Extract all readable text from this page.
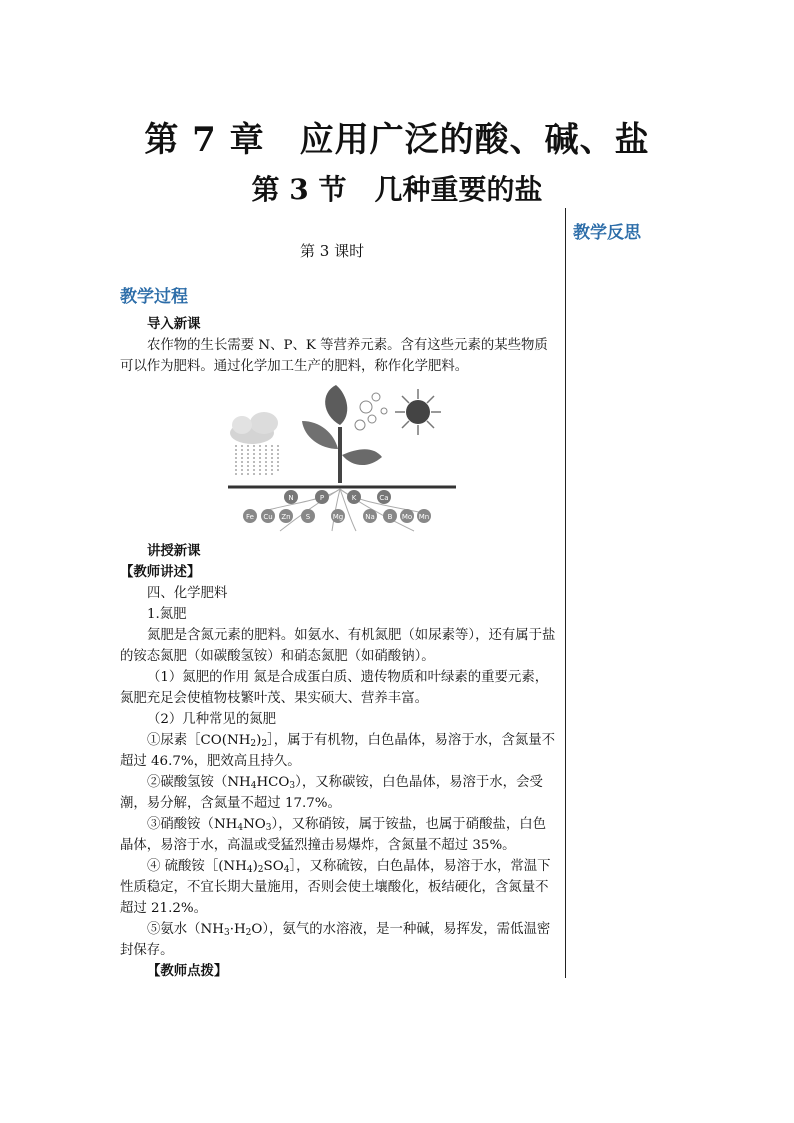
第 7 章　应用广泛的酸、碱、盐
第 3 节　几种重要的盐
教学反思
第 3 课时
教学过程

导入新课

农作物的生长需要 N、P、K 等营养元素。含有这些元素的某些物质可以作为肥料。通过化学加工生产的肥料，称作化学肥料。

N	P	K	Ca
Fe Cu Zn S	Mg	Na B Mo Mn

讲授新课

【教师讲述】

四、化学肥料

1.氮肥

氮肥是含氮元素的肥料。如氨水、有机氮肥（如尿素等），还有属于盐的铵态氮肥（如碳酸氢铵）和硝态氮肥（如硝酸钠）。

（1）氮肥的作用 氮是合成蛋白质、遗传物质和叶绿素的重要元素，氮肥充足会使植物枝繁叶茂、果实硕大、营养丰富。

（2）几种常见的氮肥

①尿素$[CO(NH_2)_2]$，属于有机物，白色晶体，易溶于水，含氮量不超过 46.7%，肥效高且持久。

②碳酸氢铵$(NH_4HCO_3)$，又称碳铵，白色晶体，易溶于水，会受潮，易分解，含氮量不超过 17.7%。

③硝酸铵$(NH_4NO_3)$，又称硝铵，属于铵盐，也属于硝酸盐，白色晶体，易溶于水，高温或受猛烈撞击易爆炸，含氮量不超过 35%。

④ 硫酸铵$[(NH_4)_2SO_4]$，又称硫铵，白色晶体，易溶于水，常温下性质稳定，不宜长期大量施用，否则会使土壤酸化，板结硬化，含氮量不超过 21.2%。

⑤氨水$(NH_3\cdot H_2O)$，氨气的水溶液，是一种碱，易挥发，需低温密封保存。

【教师点拨】
